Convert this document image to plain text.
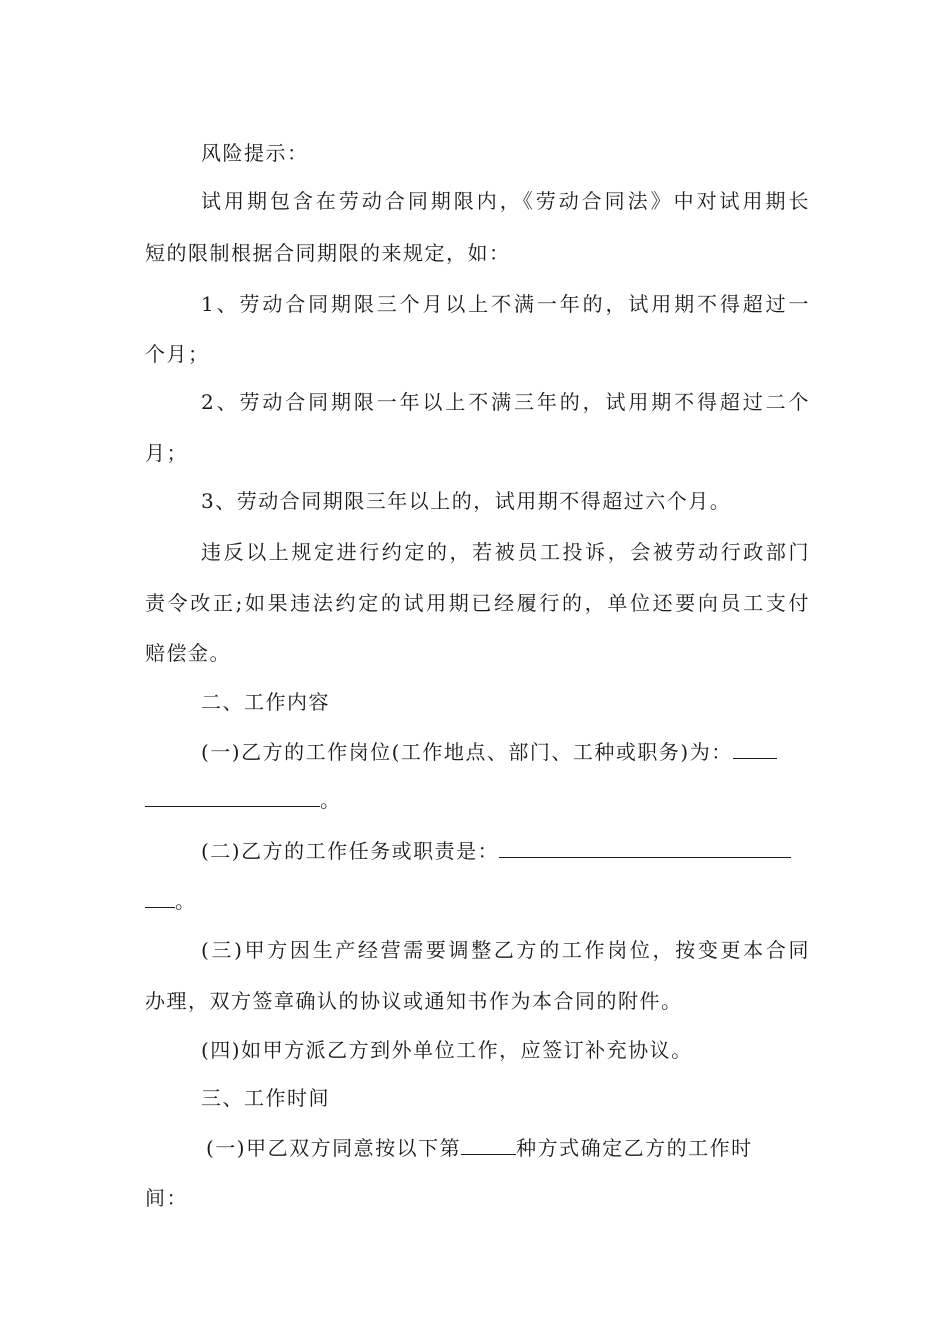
风险提示：
试用期包含在劳动合同期限内，《劳动合同法》中对试用期长
短的限制根据合同期限的来规定，如：
1、劳动合同期限三个月以上不满一年的，试用期不得超过一
个月；
2、劳动合同期限一年以上不满三年的，试用期不得超过二个
月；
3、劳动合同期限三年以上的，试用期不得超过六个月。
违反以上规定进行约定的，若被员工投诉，会被劳动行政部门
责令改正;如果违法约定的试用期已经履行的，单位还要向员工支付
赔偿金。
二、工作内容
(一)乙方的工作岗位(工作地点、部门、工种或职务)为：
。
(二)乙方的工作任务或职责是：
。
(三)甲方因生产经营需要调整乙方的工作岗位，按变更本合同
办理，双方签章确认的协议或通知书作为本合同的附件。
(四)如甲方派乙方到外单位工作，应签订补充协议。
三、工作时间
(一)甲乙双方同意按以下第	种方式确定乙方的工作时
间：
